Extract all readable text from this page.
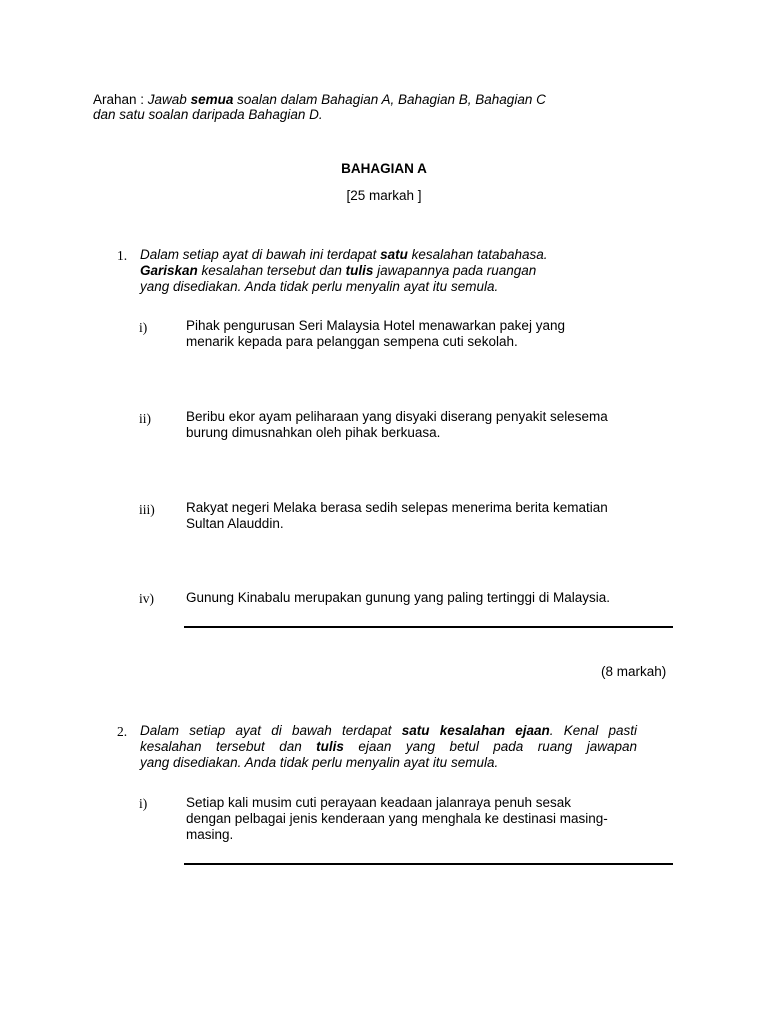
Arahan : Jawab semua soalan dalam Bahagian A, Bahagian B, Bahagian C
dan satu soalan daripada Bahagian D.
BAHAGIAN A
[25 markah ]
1. Dalam setiap ayat di bawah ini terdapat satu kesalahan tatabahasa.
Gariskan kesalahan tersebut dan tulis jawapannya pada ruangan
yang disediakan. Anda tidak perlu menyalin ayat itu semula.
i)	Pihak pengurusan Seri Malaysia Hotel menawarkan pakej yang
menarik kepada para pelanggan sempena cuti sekolah.
ii)	Beribu ekor ayam peliharaan yang disyaki diserang penyakit selesema
burung dimusnahkan oleh pihak berkuasa.
iii) Rakyat negeri Melaka berasa sedih selepas menerima berita kematian
Sultan Alauddin.
iv) Gunung Kinabalu merupakan gunung yang paling tertinggi di Malaysia.
(8 markah)
2. Dalam setiap ayat di bawah terdapat satu kesalahan ejaan. Kenal pasti
kesalahan tersebut dan tulis ejaan yang betul pada ruang jawapan
yang disediakan. Anda tidak perlu menyalin ayat itu semula.
i)	Setiap kali musim cuti perayaan keadaan jalanraya penuh sesak
dengan pelbagai jenis kenderaan yang menghala ke destinasi masing-
masing.
